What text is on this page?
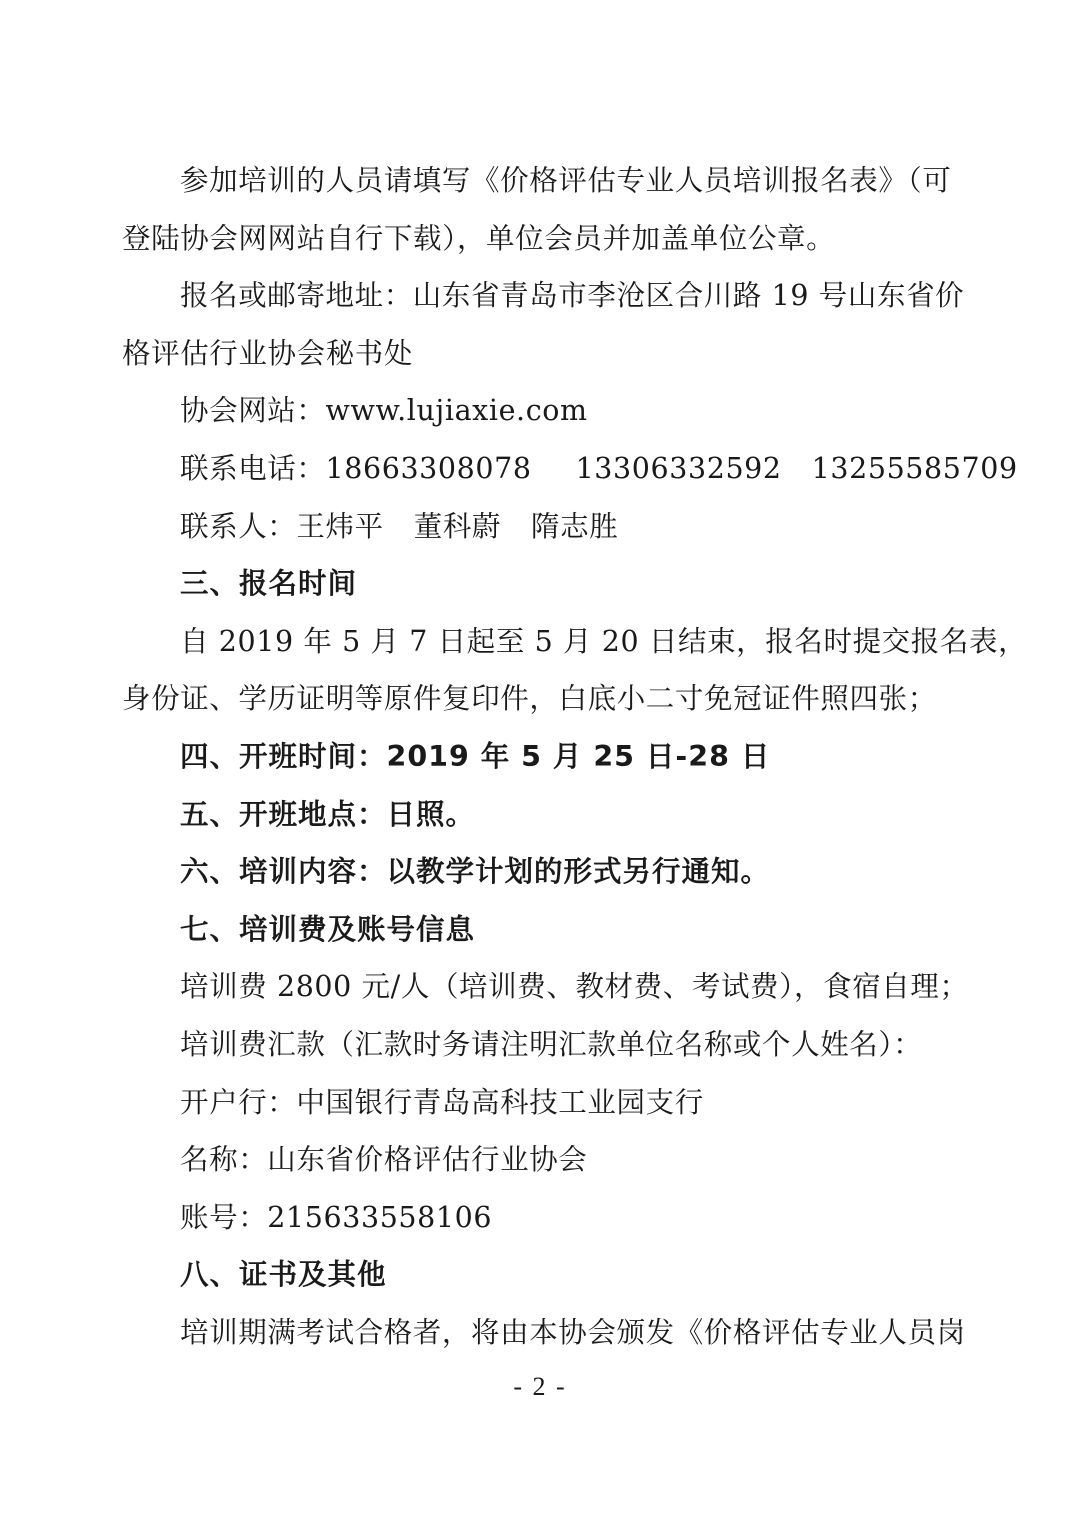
参加培训的人员请填写《价格评估专业人员培训报名表》（可
登陆协会网网站自行下载），单位会员并加盖单位公章。
报名或邮寄地址：山东省青岛市李沧区合川路 19 号山东省价
格评估行业协会秘书处
协会网站：www.lujiaxie.com
联系电话：18663308078 13306332592 13255585709
联系人：王炜平 董科蔚 隋志胜
三、报名时间
自 2019 年 5 月 7 日起至 5 月 20 日结束，报名时提交报名表，
身份证、学历证明等原件复印件，白底小二寸免冠证件照四张；
四、开班时间：2019 年 5 月 25 日-28 日
五、开班地点：日照。
六、培训内容：以教学计划的形式另行通知。
七、培训费及账号信息
培训费 2800 元/人（培训费、教材费、考试费），食宿自理；
培训费汇款（汇款时务请注明汇款单位名称或个人姓名）：
开户行：中国银行青岛高科技工业园支行
名称：山东省价格评估行业协会
账号：215633558106
八、证书及其他
培训期满考试合格者，将由本协会颁发《价格评估专业人员岗
- 2 -
